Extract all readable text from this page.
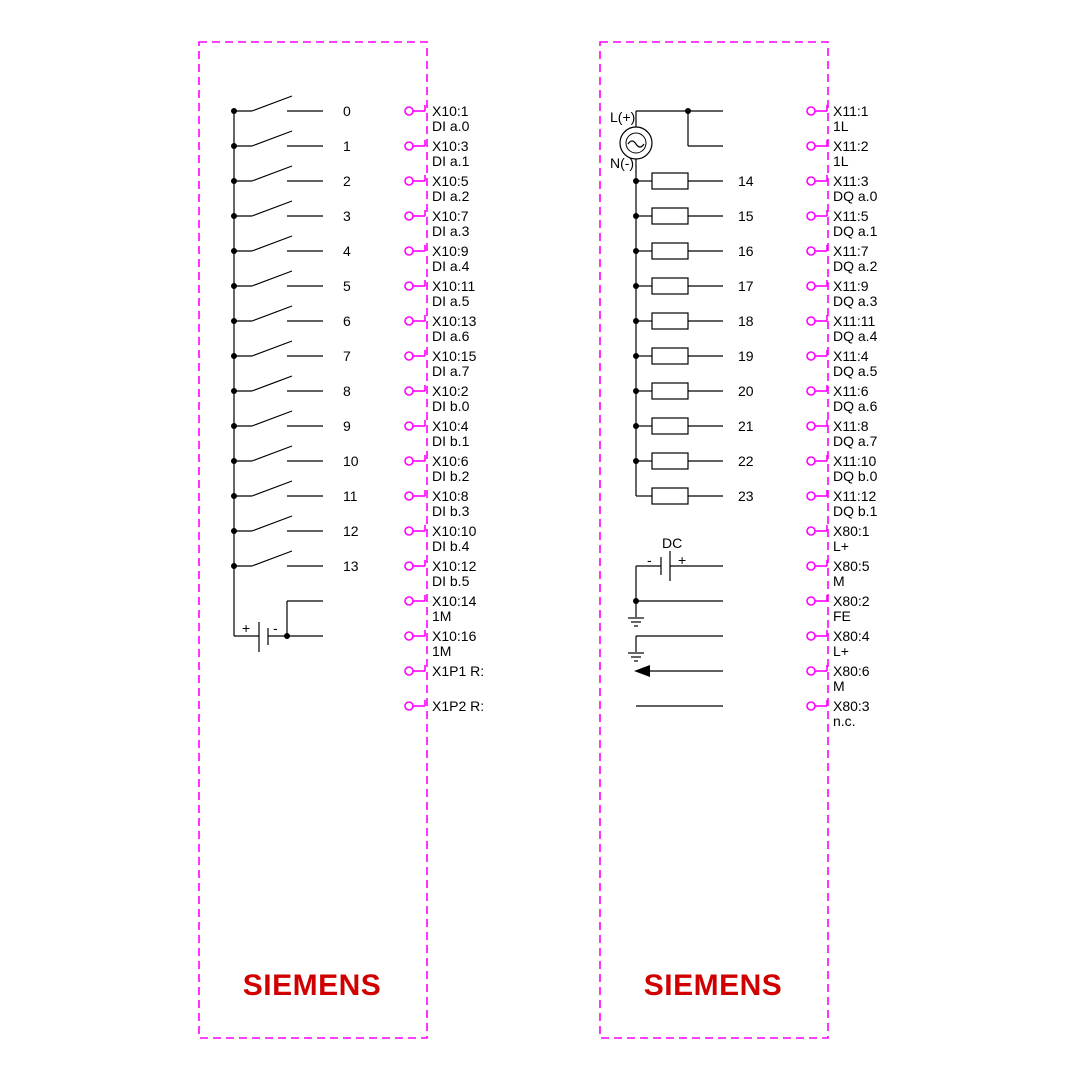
+ -
0
1
2
3
4
5
6
7
8
9
10
11
12
13
X10:1
DI a.0
X10:3
DI a.1
X10:5
DI a.2
X10:7
DI a.3
X10:9
DI a.4
X10:11
DI a.5
X10:13
DI a.6
X10:15
DI a.7
X10:2
DI b.0
X10:4
DI b.1
X10:6
DI b.2
X10:8
DI b.3
X10:10
DI b.4
X10:12
DI b.5
X10:14
1M
X10:16
1M
X1P1 R:
X1P2 R:
L(+)
N(-)
DC
- +
14
15
16
17
18
19
20
21
22
23
X11:1
1L
X11:2
1L
X11:3
DQ a.0
X11:5
DQ a.1
X11:7
DQ a.2
X11:9
DQ a.3
X11:11
DQ a.4
X11:4
DQ a.5
X11:6
DQ a.6
X11:8
DQ a.7
X11:10
DQ b.0
X11:12
DQ b.1
X80:1
L+
X80:5
M
X80:2
FE
X80:4
L+
X80:6
M
X80:3
n.c.
SIEMENS	SIEMENS
